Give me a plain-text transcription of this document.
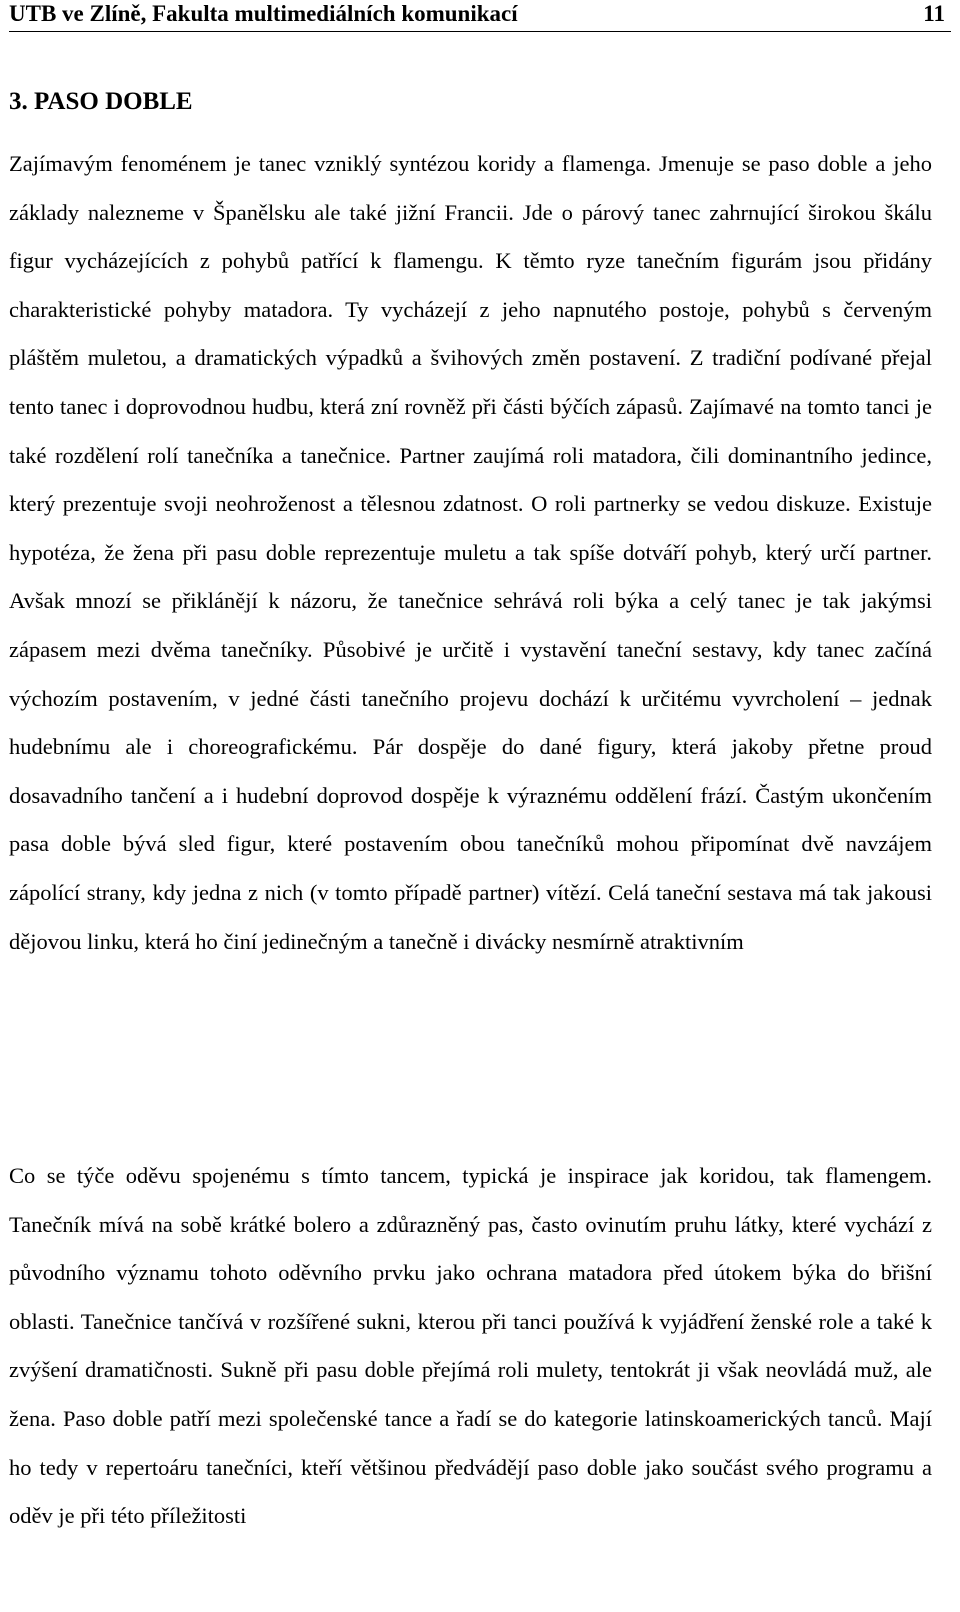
UTB ve Zlíně, Fakulta multimediálních komunikací	11
3. PASO DOBLE

Zajímavým fenoménem je tanec vzniklý syntézou koridy a flamenga. Jmenuje se paso doble a jeho základy nalezneme v Španělsku ale také jižní Francii. Jde o párový tanec zahrnující širokou škálu figur vycházejících z pohybů patřící k flamengu. K těmto ryze tanečním figurám jsou přidány charakteristické pohyby matadora. Ty vycházejí z jeho napnutého postoje, pohybů s červeným pláštěm muletou, a dramatických výpadků a švihových změn postavení. Z tradiční podívané přejal tento tanec i doprovodnou hudbu, která zní rovněž při části býčích zápasů. Zajímavé na tomto tanci je také rozdělení rolí tanečníka a tanečnice. Partner zaujímá roli matadora, čili dominantního jedince, který prezentuje svoji neohroženost a tělesnou zdatnost. O roli partnerky se vedou diskuze. Existuje hypotéza, že žena při pasu doble reprezentuje muletu a tak spíše dotváří pohyb, který určí partner. Avšak mnozí se přiklánějí k názoru, že tanečnice sehrává roli býka a celý tanec je tak jakýmsi zápasem mezi dvěma tanečníky. Působivé je určitě i vystavění taneční sestavy, kdy tanec začíná výchozím postavením, v jedné části tanečního projevu dochází k určitému vyvrcholení – jednak hudebnímu ale i choreografickému. Pár dospěje do dané figury, která jakoby přetne proud dosavadního tančení a i hudební doprovod dospěje k výraznému oddělení frází. Častým ukončením pasa doble bývá sled figur, které postavením obou tanečníků mohou připomínat dvě navzájem zápolící strany, kdy jedna z nich (v tomto případě partner) vítězí. Celá taneční sestava má tak jakousi dějovou linku, která ho činí jedinečným a tanečně i divácky nesmírně atraktivním

Co se týče oděvu spojenému s tímto tancem, typická je inspirace jak koridou, tak flamengem. Tanečník mívá na sobě krátké bolero a zdůrazněný pas, často ovinutím pruhu látky, které vychází z původního významu tohoto oděvního prvku jako ochrana matadora před útokem býka do břišní oblasti. Tanečnice tančívá v rozšířené sukni, kterou při tanci používá k vyjádření ženské role a také k zvýšení dramatičnosti. Sukně při pasu doble přejímá roli mulety, tentokrát ji však neovládá muž, ale žena. Paso doble patří mezi společenské tance a řadí se do kategorie latinskoamerických tanců. Mají ho tedy v repertoáru tanečníci, kteří většinou předvádějí paso doble jako součást svého programu a oděv je při této příležitosti
